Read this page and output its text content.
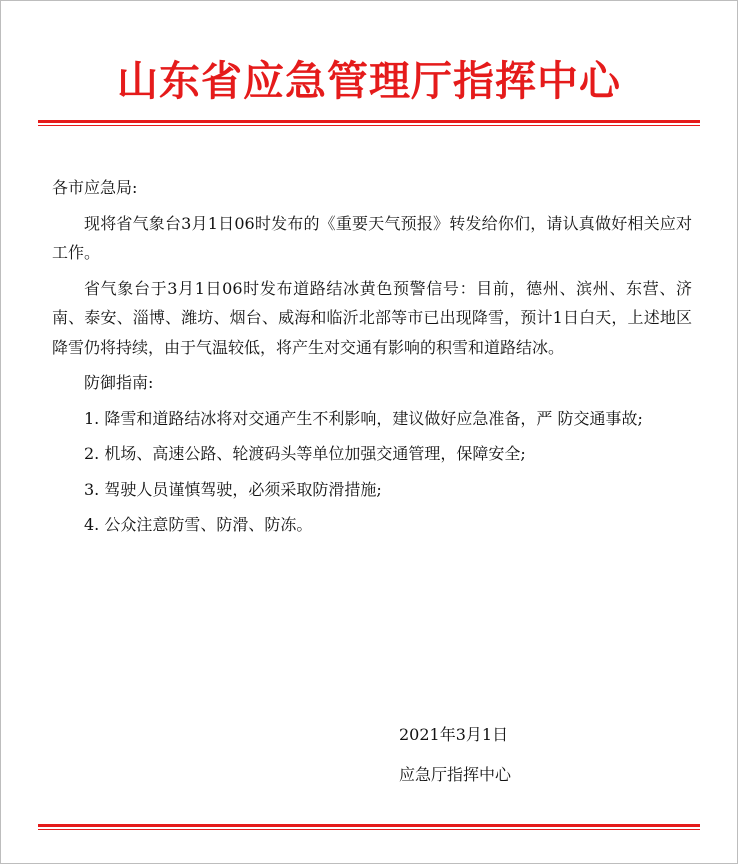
山东省应急管理厅指挥中心

各市应急局:

现将省气象台3月1日06时发布的《重要天气预报》转发给你们，请认真做好相关应对工作。

省气象台于3月1日06时发布道路结冰黄色预警信号：目前，德州、滨州、东营、济南、泰安、淄博、潍坊、烟台、威海和临沂北部等市已出现降雪，预计1日白天，上述地区降雪仍将持续，由于气温较低，将产生对交通有影响的积雪和道路结冰。

防御指南:

1. 降雪和道路结冰将对交通产生不利影响，建议做好应急准备，严 防交通事故;

2. 机场、高速公路、轮渡码头等单位加强交通管理，保障安全;

3. 驾驶人员谨慎驾驶，必须采取防滑措施;

4. 公众注意防雪、防滑、防冻。

2021年3月1日
应急厅指挥中心
